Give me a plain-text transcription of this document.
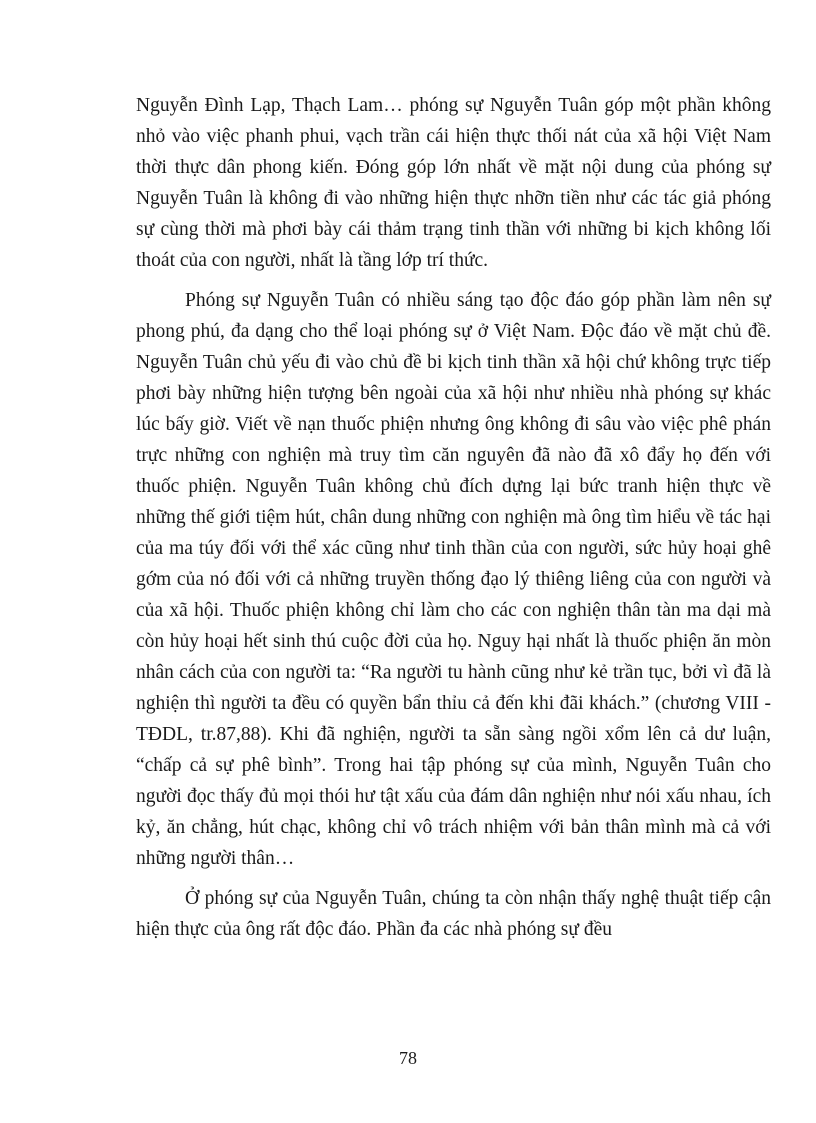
Nguyễn Đình Lạp, Thạch Lam… phóng sự Nguyễn Tuân góp một phần không nhỏ vào việc phanh phui, vạch trần cái hiện thực thối nát của xã hội Việt Nam thời thực dân phong kiến. Đóng góp lớn nhất về mặt nội dung của phóng sự Nguyễn Tuân là không đi vào những hiện thực nhỡn tiền như các tác giả phóng sự cùng thời mà phơi bày cái thảm trạng tinh thần với những bi kịch không lối thoát của con người, nhất là tầng lớp trí thức.

Phóng sự Nguyễn Tuân có nhiều sáng tạo độc đáo góp phần làm nên sự phong phú, đa dạng cho thể loại phóng sự ở Việt Nam. Độc đáo về mặt chủ đề. Nguyễn Tuân chủ yếu đi vào chủ đề bi kịch tinh thần xã hội chứ không trực tiếp phơi bày những hiện tượng bên ngoài của xã hội như nhiều nhà phóng sự khác lúc bấy giờ. Viết về nạn thuốc phiện nhưng ông không đi sâu vào việc phê phán trực những con nghiện mà truy tìm căn nguyên đã nào đã xô đẩy họ đến với thuốc phiện. Nguyễn Tuân không chủ đích dựng lại bức tranh hiện thực về những thế giới tiệm hút, chân dung những con nghiện mà ông tìm hiểu về tác hại của ma túy đối với thể xác cũng như tinh thần của con người, sức hủy hoại ghê gớm của nó đối với cả những truyền thống đạo lý thiêng liêng của con người và của xã hội. Thuốc phiện không chỉ làm cho các con nghiện thân tàn ma dại mà còn hủy hoại hết sinh thú cuộc đời của họ. Nguy hại nhất là thuốc phiện ăn mòn nhân cách của con người ta: “Ra người tu hành cũng như kẻ trần tục, bởi vì đã là nghiện thì người ta đều có quyền bẩn thỉu cả đến khi đãi khách.” (chương VIII - TĐDL, tr.87,88). Khi đã nghiện, người ta sẵn sàng ngồi xổm lên cả dư luận, “chấp cả sự phê bình”. Trong hai tập phóng sự của mình, Nguyễn Tuân cho người đọc thấy đủ mọi thói hư tật xấu của đám dân nghiện như nói xấu nhau, ích kỷ, ăn chẳng, hút chạc, không chỉ vô trách nhiệm với bản thân mình mà cả với những người thân…

Ở phóng sự của Nguyễn Tuân, chúng ta còn nhận thấy nghệ thuật tiếp cận hiện thực của ông rất độc đáo. Phần đa các nhà phóng sự đều

78
